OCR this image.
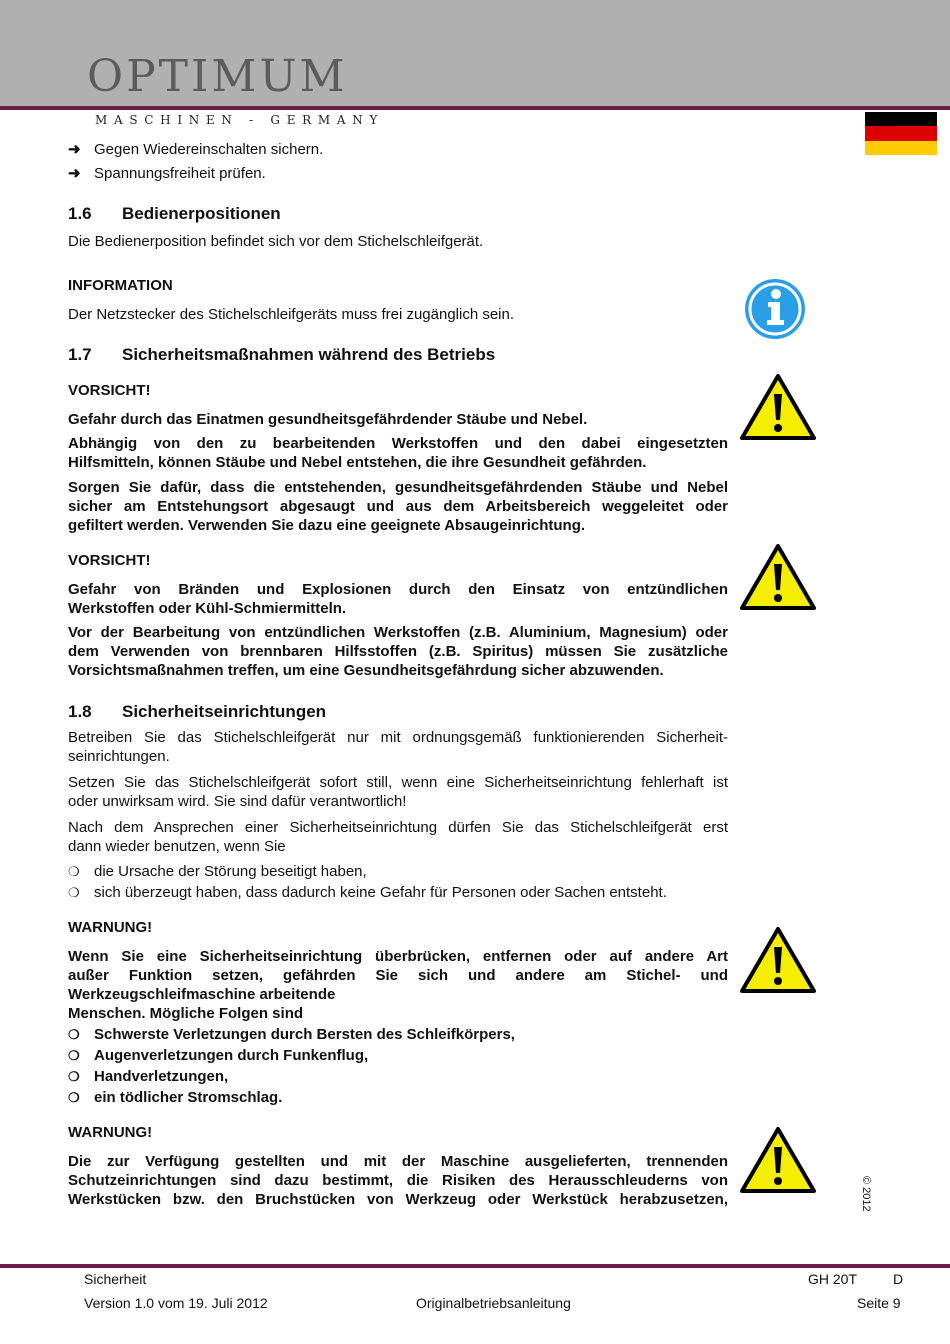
OPTIMUM
MASCHINEN - GERMANY
➜ Gegen Wiedereinschalten sichern.
➜ Spannungsfreiheit prüfen.
1.6 Bedienerpositionen
Die Bedienerposition befindet sich vor dem Stichelschleifgerät.
INFORMATION
Der Netzstecker des Stichelschleifgeräts muss frei zugänglich sein.
1.7 Sicherheitsmaßnahmen während des Betriebs
VORSICHT!
Gefahr durch das Einatmen gesundheitsgefährdender Stäube und Nebel.
Abhängig von den zu bearbeitenden Werkstoffen und den dabei eingesetzten
Hilfsmitteln, können Stäube und Nebel entstehen, die ihre Gesundheit gefährden.
Sorgen Sie dafür, dass die entstehenden, gesundheitsgefährdenden Stäube und Nebel
sicher am Entstehungsort abgesaugt und aus dem Arbeitsbereich weggeleitet oder
gefiltert werden. Verwenden Sie dazu eine geeignete Absaugeinrichtung.
VORSICHT!
Gefahr von Bränden und Explosionen durch den Einsatz von entzündlichen
Werkstoffen oder Kühl-Schmiermitteln.
Vor der Bearbeitung von entzündlichen Werkstoffen (z.B. Aluminium, Magnesium) oder
dem Verwenden von brennbaren Hilfsstoffen (z.B. Spiritus) müssen Sie zusätzliche
Vorsichtsmaßnahmen treffen, um eine Gesundheitsgefährdung sicher abzuwenden.
1.8 Sicherheitseinrichtungen
Betreiben Sie das Stichelschleifgerät nur mit ordnungsgemäß funktionierenden Sicherheit-
seinrichtungen.
Setzen Sie das Stichelschleifgerät sofort still, wenn eine Sicherheitseinrichtung fehlerhaft ist
oder unwirksam wird. Sie sind dafür verantwortlich!
Nach dem Ansprechen einer Sicherheitseinrichtung dürfen Sie das Stichelschleifgerät erst
dann wieder benutzen, wenn Sie
❍ die Ursache der Störung beseitigt haben,
❍ sich überzeugt haben, dass dadurch keine Gefahr für Personen oder Sachen entsteht.
WARNUNG!
Wenn Sie eine Sicherheitseinrichtung überbrücken, entfernen oder auf andere Art
außer Funktion setzen, gefährden Sie sich und andere am Stichel- und
Werkzeugschleifmaschine arbeitende
Menschen. Mögliche Folgen sind
❍ Schwerste Verletzungen durch Bersten des Schleifkörpers,
❍ Augenverletzungen durch Funkenflug,
❍ Handverletzungen,
❍ ein tödlicher Stromschlag.
WARNUNG!
Die zur Verfügung gestellten und mit der Maschine ausgelieferten, trennenden
Schutzeinrichtungen sind dazu bestimmt, die Risiken des Herausschleuderns von
Werkstücken bzw. den Bruchstücken von Werkzeug oder Werkstück herabzusetzen,	© 2012
Sicherheit	GH 20T	D
Version 1.0 vom 19. Juli 2012	Originalbetriebsanleitung	Seite 9
